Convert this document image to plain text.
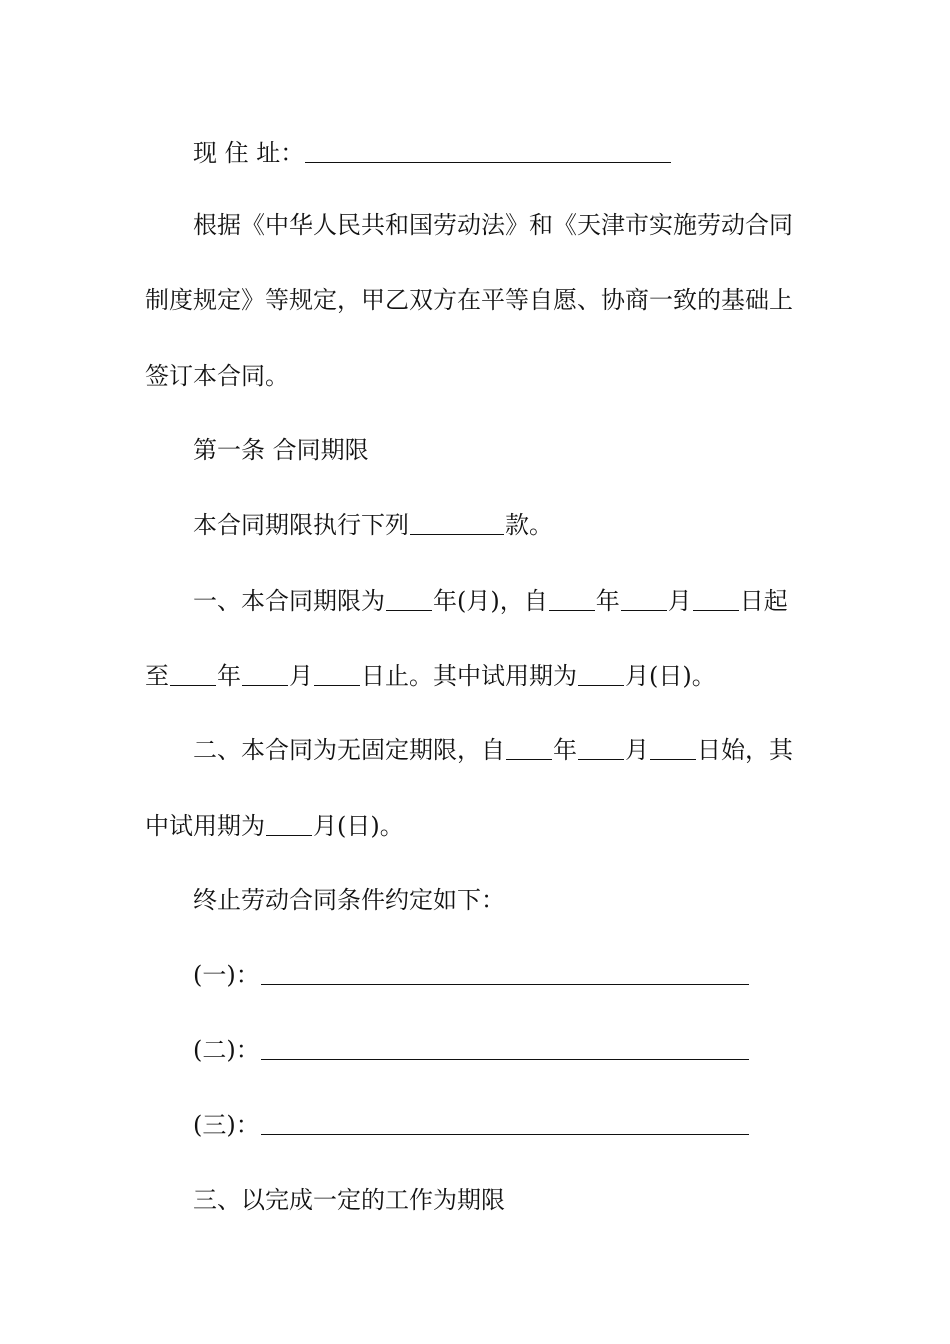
现 住 址：
根据《中华人民共和国劳动法》和《天津市实施劳动合同
制度规定》等规定，甲乙双方在平等自愿、协商一致的基础上
签订本合同。
第一条 合同期限
本合同期限执行下列	款。
一、本合同期限为 年(月)，自 年 月 日起
至 年 月 日止。其中试用期为 月(日)。
二、本合同为无固定期限，自 年 月 日始，其
中试用期为 月(日)。
终止劳动合同条件约定如下：
(一)：
(二)：
(三)：
三、以完成一定的工作为期限
